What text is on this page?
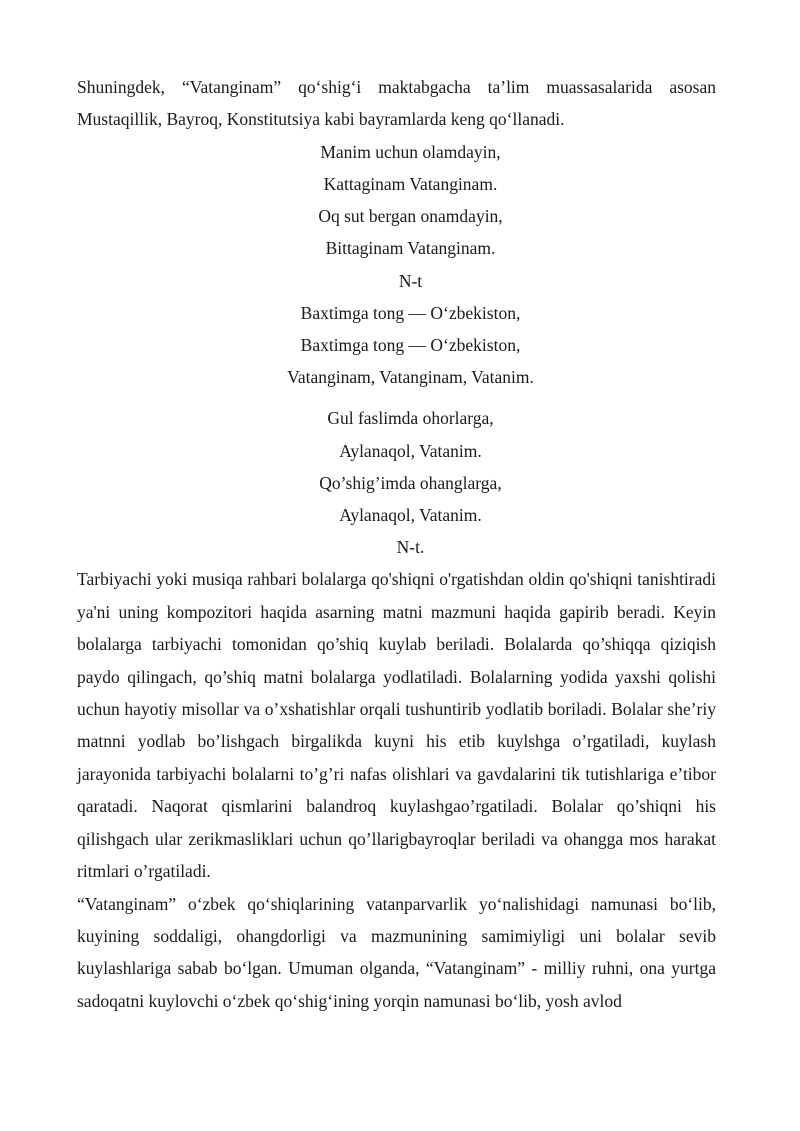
Shuningdek, “Vatanginam” qo‘shig‘i maktabgacha ta’lim muassasalarida asosan Mustaqillik, Bayroq, Konstitutsiya kabi bayramlarda keng qo‘llanadi.

Manim uchun olamdayin,
Kattaginam Vatanginam.
Oq sut bergan onamdayin,
Bittaginam Vatanginam.
N-t
Baxtimga tong — O‘zbekiston,
Baxtimga tong — O‘zbekiston,
Vatanginam, Vatanginam, Vatanim.
Gul faslimda ohorlarga,
Aylanaqol, Vatanim.
Qo’shig’imda ohanglarga,
Aylanaqol, Vatanim.
N-t.

Tarbiyachi yoki musiqa rahbari bolalarga qo'shiqni o'rgatishdan oldin qo'shiqni tanishtiradi ya'ni uning kompozitori haqida asarning matni mazmuni haqida gapirib beradi. Keyin bolalarga tarbiyachi tomonidan qo’shiq kuylab beriladi. Bolalarda qo’shiqqa qiziqish paydo qilingach, qo’shiq matni bolalarga yodlatiladi. Bolalarning yodida yaxshi qolishi uchun hayotiy misollar va o’xshatishlar orqali tushuntirib yodlatib boriladi. Bolalar she’riy matnni yodlab bo’lishgach birgalikda kuyni his etib kuylshga o’rgatiladi, kuylash jarayonida tarbiyachi bolalarni to’g’ri nafas olishlari va gavdalarini tik tutishlariga e’tibor qaratadi. Naqorat qismlarini balandroq kuylashgao’rgatiladi. Bolalar qo’shiqni his qilishgach ular zerikmasliklari uchun qo’llarigbayroqlar beriladi va ohangga mos harakat ritmlari o’rgatiladi.

“Vatanginam” o‘zbek qo‘shiqlarining vatanparvarlik yo‘nalishidagi namunasi bo‘lib, kuyining soddaligi, ohangdorligi va mazmunining samimiyligi uni bolalar sevib kuylashlariga sabab bo‘lgan. Umuman olganda, “Vatanginam” - milliy ruhni, ona yurtga sadoqatni kuylovchi o‘zbek qo‘shig‘ining yorqin namunasi bo‘lib, yosh avlod
